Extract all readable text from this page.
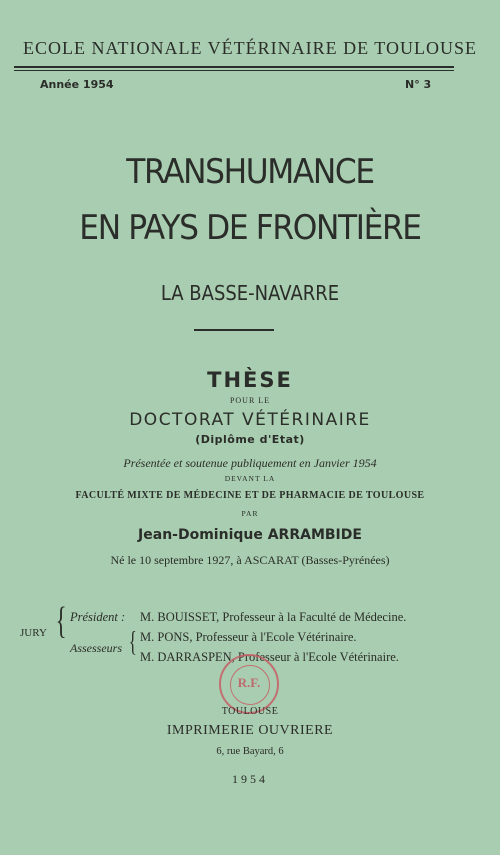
ECOLE NATIONALE VÉTÉRINAIRE DE TOULOUSE
Année 1954	N° 3
TRANSHUMANCE
EN PAYS DE FRONTIÈRE
LA BASSE-NAVARRE
THÈSE
POUR LE
DOCTORAT VÉTÉRINAIRE
(Diplôme d'Etat)
Présentée et soutenue publiquement en Janvier 1954
DEVANT LA
FACULTÉ MIXTE DE MÉDECINE ET DE PHARMACIE DE TOULOUSE
PAR
Jean-Dominique ARRAMBIDE
Né le 10 septembre 1927, à ASCARAT (Basses-Pyrénées)
JURY { Président : M. BOUISSET, Professeur à la Faculté de Médecine.
Assesseurs { M. PONS, Professeur à l'Ecole Vétérinaire.
M. DARRASPEN, Professeur à l'Ecole Vétérinaire.
R.F.
TOULOUSE
IMPRIMERIE OUVRIERE
6, rue Bayard, 6
1954
